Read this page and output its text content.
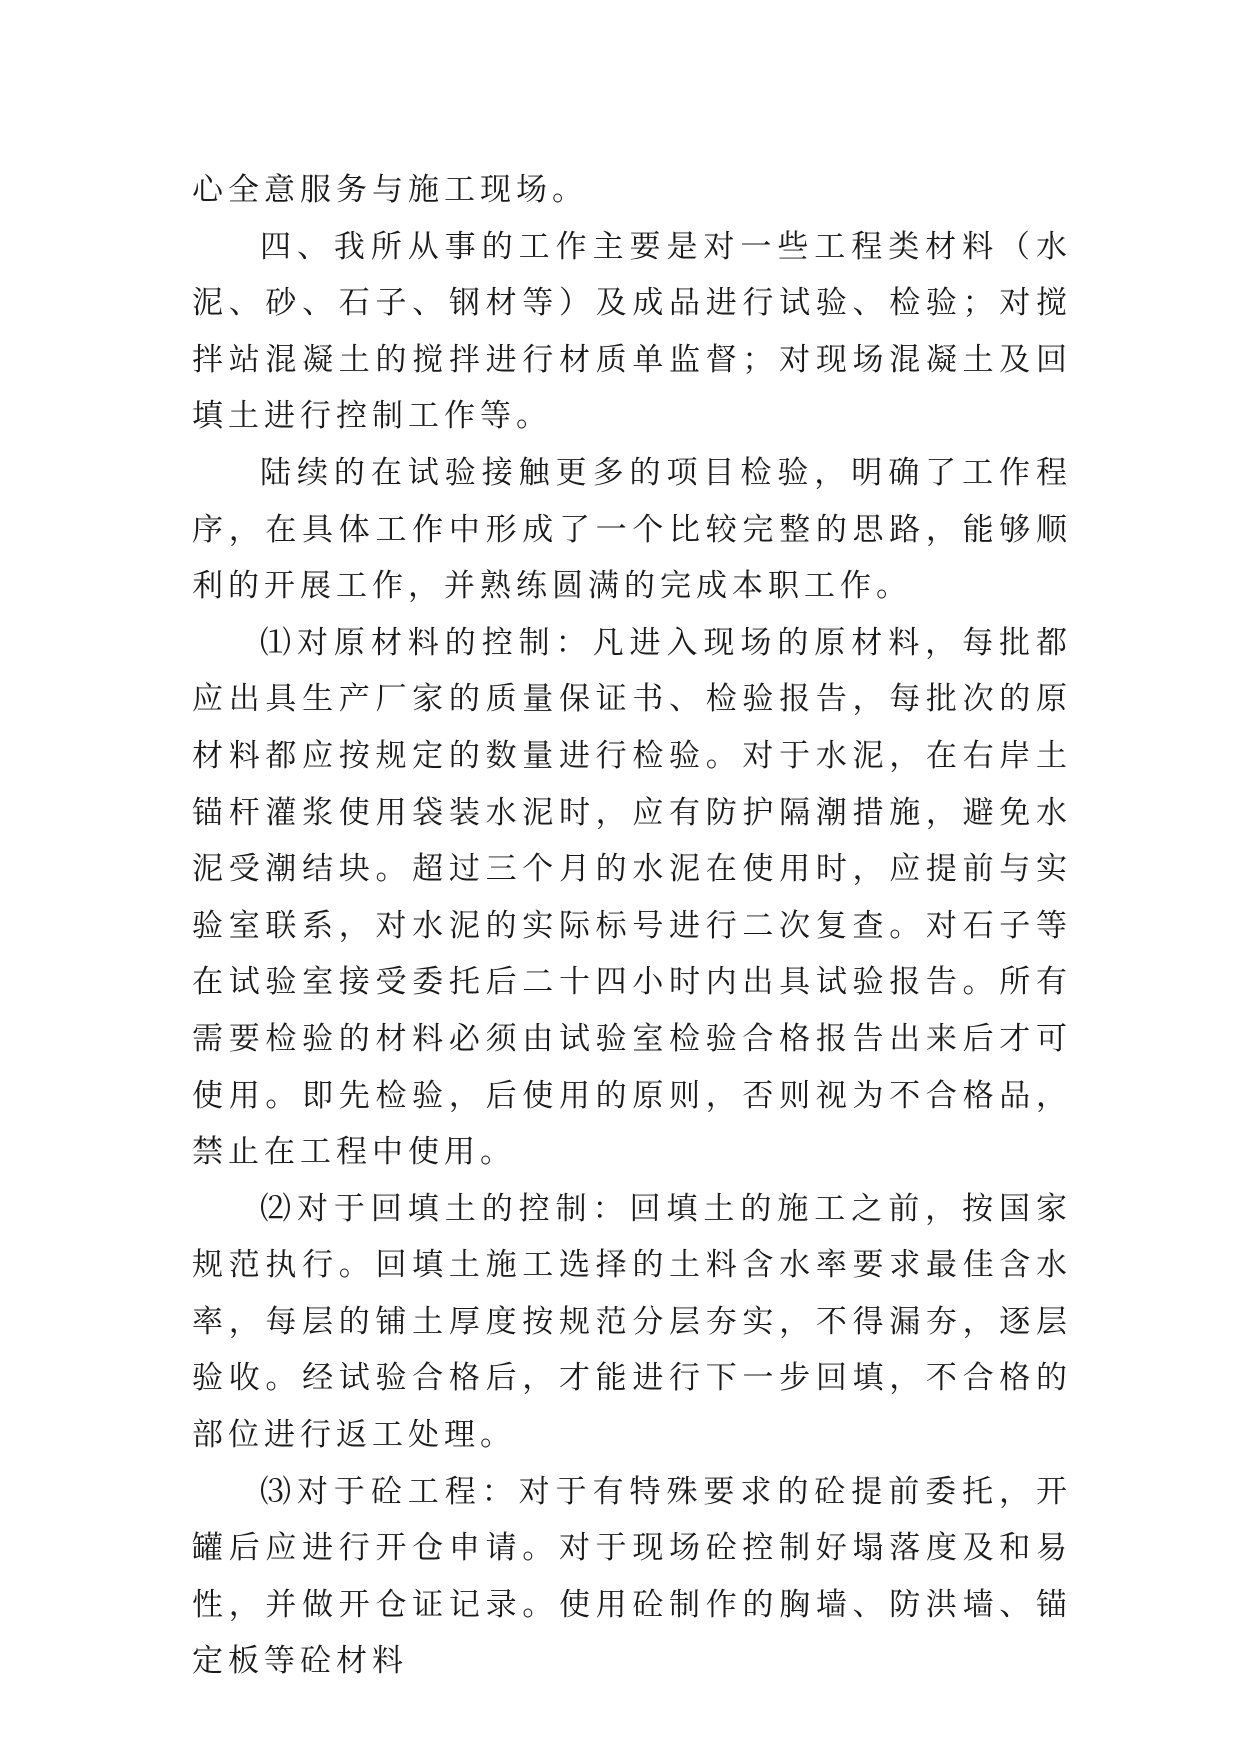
心全意服务与施工现场。

四、我所从事的工作主要是对一些工程类材料（水泥、砂、石子、钢材等）及成品进行试验、检验；对搅拌站混凝土的搅拌进行材质单监督；对现场混凝土及回填土进行控制工作等。

陆续的在试验接触更多的项目检验，明确了工作程序，在具体工作中形成了一个比较完整的思路，能够顺利的开展工作，并熟练圆满的完成本职工作。

⑴对原材料的控制：凡进入现场的原材料，每批都应出具生产厂家的质量保证书、检验报告，每批次的原材料都应按规定的数量进行检验。对于水泥，在右岸土锚杆灌浆使用袋装水泥时，应有防护隔潮措施，避免水泥受潮结块。超过三个月的水泥在使用时，应提前与实验室联系，对水泥的实际标号进行二次复查。对石子等在试验室接受委托后二十四小时内出具试验报告。所有需要检验的材料必须由试验室检验合格报告出来后才可使用。即先检验，后使用的原则，否则视为不合格品，禁止在工程中使用。

⑵对于回填土的控制：回填土的施工之前，按国家规范执行。回填土施工选择的土料含水率要求最佳含水率，每层的铺土厚度按规范分层夯实，不得漏夯，逐层验收。经试验合格后，才能进行下一步回填，不合格的部位进行返工处理。

⑶对于砼工程：对于有特殊要求的砼提前委托，开罐后应进行开仓申请。对于现场砼控制好塌落度及和易性，并做开仓证记录。使用砼制作的胸墙、防洪墙、锚定板等砼材料
